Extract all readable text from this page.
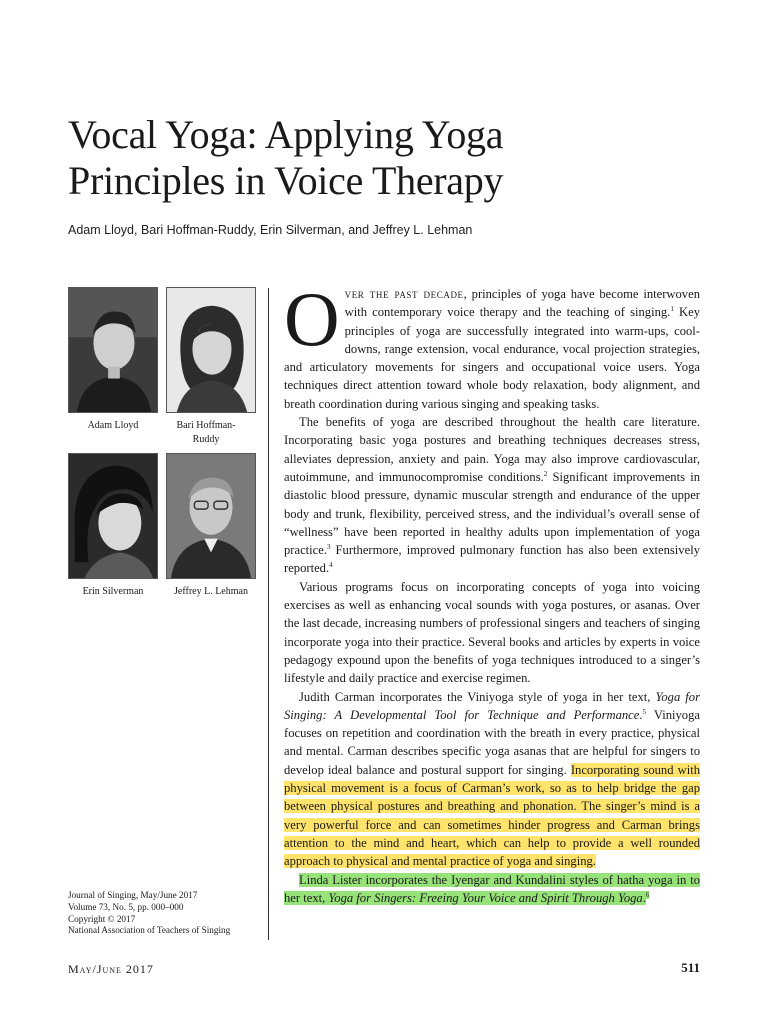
Vocal Yoga: Applying Yoga
Principles in Voice Therapy
Adam Lloyd, Bari Hoffman-Ruddy, Erin Silverman, and Jeffrey L. Lehman
Adam Lloyd	Bari Hoffman-Ruddy
Erin Silverman	Jeffrey L. Lehman
Journal of Singing, May/June 2017
Volume 73, No. 5, pp. 000–000
Copyright © 2017
National Association of Teachers of Singing

Over the past decade, principles of yoga have become interwoven with contemporary voice therapy and the teaching of singing.$^1$ Key principles of yoga are successfully integrated into warm-ups, cool-downs, range extension, vocal endurance, vocal projection strategies, and articulatory movements for singers and occupational voice users. Yoga techniques direct attention toward whole body relaxation, body alignment, and breath coordination during various singing and speaking tasks.

The benefits of yoga are described throughout the health care literature. Incorporating basic yoga postures and breathing techniques decreases stress, alleviates depression, anxiety and pain. Yoga may also improve cardiovascular, autoimmune, and immunocompromise conditions.$^2$ Significant improvements in diastolic blood pressure, dynamic muscular strength and endurance of the upper body and trunk, flexibility, perceived stress, and the individual’s overall sense of “wellness” have been reported in healthy adults upon implementation of yoga practice.$^3$ Furthermore, improved pulmonary function has also been extensively reported.$^4$

Various programs focus on incorporating concepts of yoga into voicing exercises as well as enhancing vocal sounds with yoga postures, or asanas. Over the last decade, increasing numbers of professional singers and teachers of singing incorporate yoga into their practice. Several books and articles by experts in voice pedagogy expound upon the benefits of yoga techniques introduced to a singer’s lifestyle and daily practice and exercise regimen.

Judith Carman incorporates the Viniyoga style of yoga in her text, Yoga for Singing: A Developmental Tool for Technique and Performance.$^5$ Viniyoga focuses on repetition and coordination with the breath in every practice, physical and mental. Carman describes specific yoga asanas that are helpful for singers to develop ideal balance and postural support for singing. Incorporating sound with physical movement is a focus of Carman’s work, so as to help bridge the gap between physical postures and breathing and phonation. The singer’s mind is a very powerful force and can sometimes hinder progress and Carman brings attention to the mind and heart, which can help to provide a well rounded approach to physical and mental practice of yoga and singing.

Linda Lister incorporates the Iyengar and Kundalini styles of hatha yoga in to her text, Yoga for Singers: Freeing Your Voice and Spirit Through Yoga.$^6$

May/June 2017	511
